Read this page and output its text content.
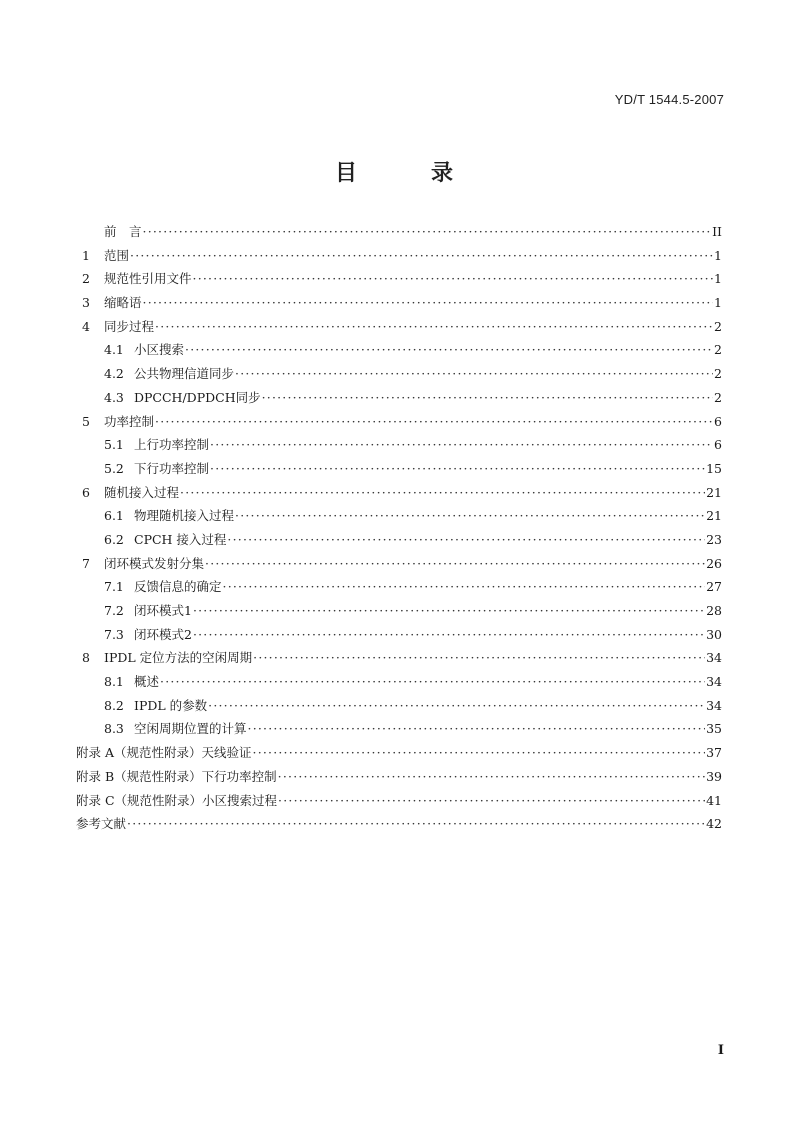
YD/T 1544.5-2007
目　录
前　言 ·····	II
1	范围 ·····	1
2	规范性引用文件 ·····	1
3	缩略语 ·····	1
4	同步过程 ·····	2
4.1 小区搜索 ·····	2
4.2 公共物理信道同步 ·····	2
4.3 DPCCH/DPDCH同步 ·····	2
5	功率控制 ·····	6
5.1 上行功率控制 ·····	6
5.2 下行功率控制 ·····	15
6	随机接入过程 ·····	21
6.1 物理随机接入过程 ·····	21
6.2 CPCH 接入过程 ·····	23
7	闭环模式发射分集 ·····	26
7.1 反馈信息的确定 ·····	27
7.2 闭环模式1 ·····	28
7.3 闭环模式2 ·····	30
8	IPDL 定位方法的空闲周期 ·····	34
8.1 概述 ·····	34
8.2 IPDL 的参数 ·····	34
8.3 空闲周期位置的计算 ·····	35
附录 A（规范性附录）天线验证 ·····	37
附录 B（规范性附录）下行功率控制 ·····	39
附录 C（规范性附录）小区搜索过程 ·····	41
参考文献 ·····	42
I
